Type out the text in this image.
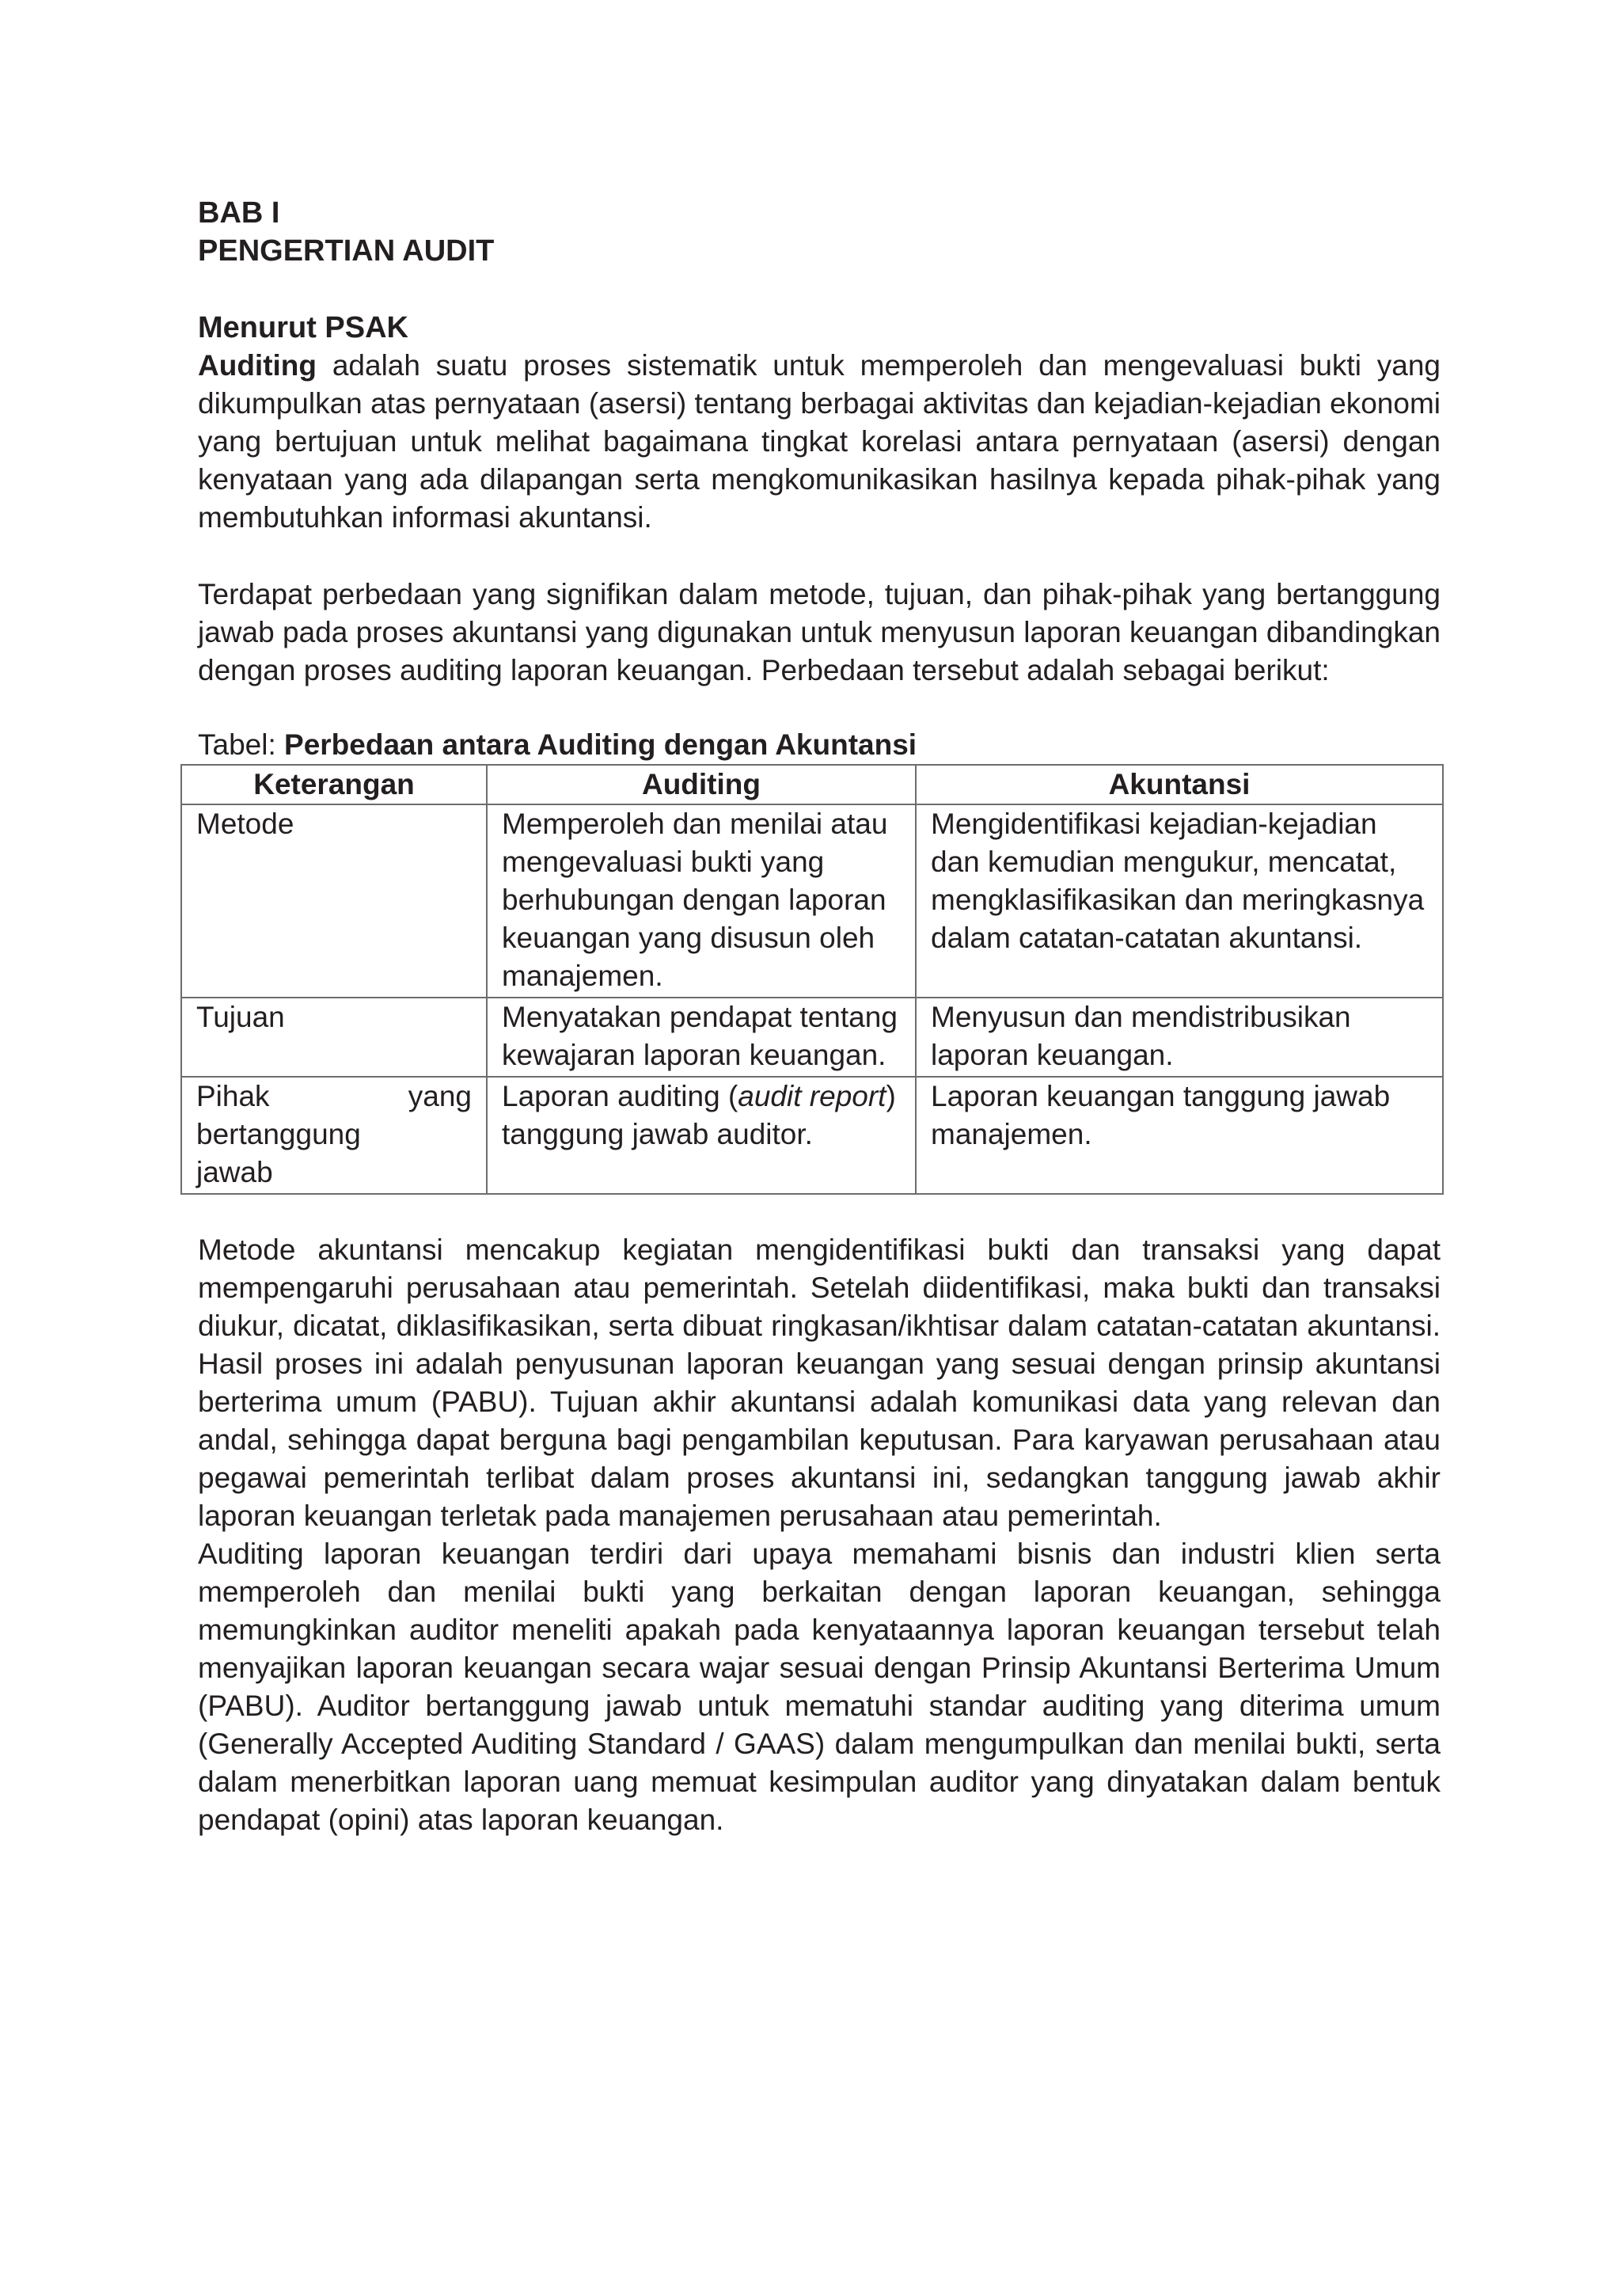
BAB I

PENGERTIAN AUDIT

Menurut PSAK

Auditing adalah suatu proses sistematik untuk memperoleh dan mengevaluasi bukti yang dikumpulkan atas pernyataan (asersi) tentang berbagai aktivitas dan kejadian-kejadian ekonomi yang bertujuan untuk melihat bagaimana tingkat korelasi antara pernyataan (asersi) dengan kenyataan yang ada dilapangan serta mengkomunikasikan hasilnya kepada pihak-pihak yang membutuhkan informasi akuntansi.

Terdapat perbedaan yang signifikan dalam metode, tujuan, dan pihak-pihak yang bertanggung jawab pada proses akuntansi yang digunakan untuk menyusun laporan keuangan dibandingkan dengan proses auditing laporan keuangan. Perbedaan tersebut adalah sebagai berikut:

Tabel: Perbedaan antara Auditing dengan Akuntansi

Keterangan	Auditing	Akuntansi
Metode	Memperoleh dan menilai atau mengevaluasi bukti yang berhubungan dengan laporan keuangan yang disusun oleh manajemen.	Mengidentifikasi kejadian-kejadian dan kemudian mengukur, mencatat, mengklasifikasikan dan meringkasnya dalam catatan-catatan akuntansi.
Tujuan	Menyatakan pendapat tentang kewajaran laporan keuangan.	Menyusun dan mendistribusikan laporan keuangan.

Pihak yang
bertanggung
jawab	Laporan auditing (audit report) tanggung jawab auditor.	Laporan keuangan tanggung jawab manajemen.

Metode akuntansi mencakup kegiatan mengidentifikasi bukti dan transaksi yang dapat mempengaruhi perusahaan atau pemerintah. Setelah diidentifikasi, maka bukti dan transaksi diukur, dicatat, diklasifikasikan, serta dibuat ringkasan/ikhtisar dalam catatan-catatan akuntansi. Hasil proses ini adalah penyusunan laporan keuangan yang sesuai dengan prinsip akuntansi berterima umum (PABU). Tujuan akhir akuntansi adalah komunikasi data yang relevan dan andal, sehingga dapat berguna bagi pengambilan keputusan. Para karyawan perusahaan atau pegawai pemerintah terlibat dalam proses akuntansi ini, sedangkan tanggung jawab akhir laporan keuangan terletak pada manajemen perusahaan atau pemerintah.

Auditing laporan keuangan terdiri dari upaya memahami bisnis dan industri klien serta memperoleh dan menilai bukti yang berkaitan dengan laporan keuangan, sehingga memungkinkan auditor meneliti apakah pada kenyataannya laporan keuangan tersebut telah menyajikan laporan keuangan secara wajar sesuai dengan Prinsip Akuntansi Berterima Umum (PABU). Auditor bertanggung jawab untuk mematuhi standar auditing yang diterima umum (Generally Accepted Auditing Standard / GAAS) dalam mengumpulkan dan menilai bukti, serta dalam menerbitkan laporan uang memuat kesimpulan auditor yang dinyatakan dalam bentuk pendapat (opini) atas laporan keuangan.
